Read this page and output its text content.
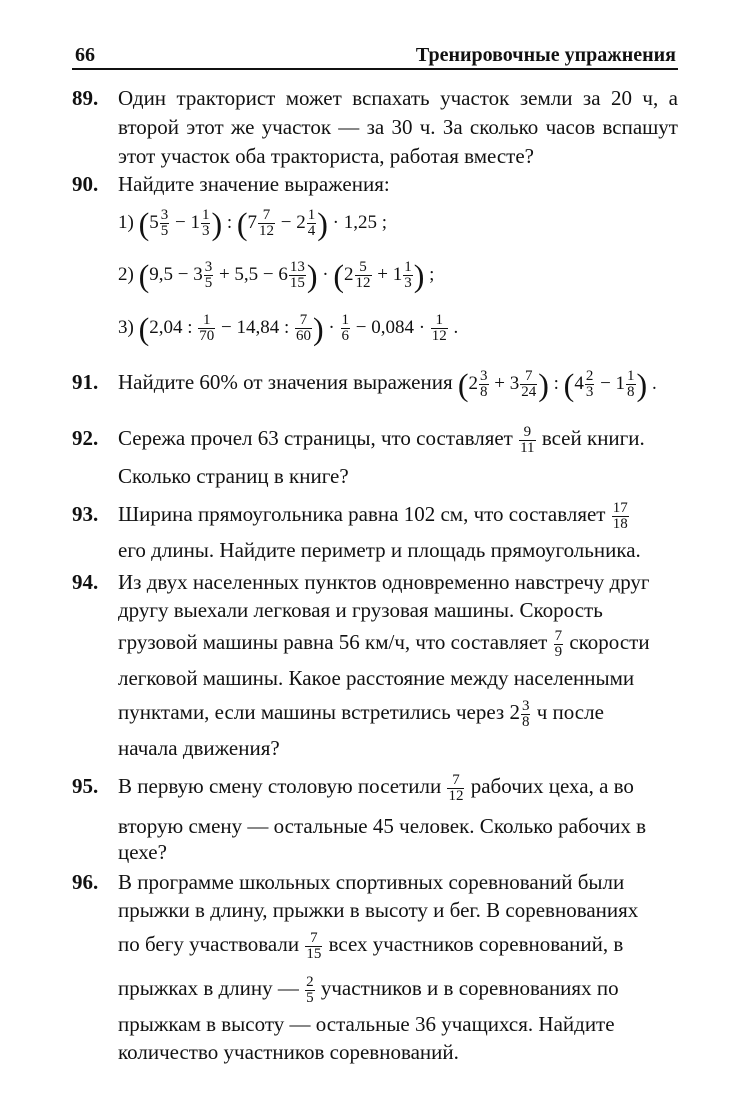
66	Тренировочные упражнения
89. Один тракторист может вспахать участок земли за 20 ч, а второй этот же участок — за 30 ч. За сколько часов вспашут этот участок оба тракториста, работая вместе?

90. Найдите значение выражения:
1) ($5 \frac{3}{5} - 1 \frac{1}{3}$ ) : ($7 \frac{7}{12} - 2 \frac{1}{4}$ ) · 1,25 ;
2) ($9,5 - 3 \frac{3}{5} + 5,5 - 6 \frac{13}{15}$ ) · ($2 \frac{5}{12} + 1 \frac{1}{3}$ ) ;
3) (2,04 : $\frac{1}{70} - 14,84$ : $\frac{7}{60}$ ) · $\frac{1}{6} - 0,084 \cdot \frac{1}{12}$ .
91. Найдите 60% от значения выражения ($2 \frac{3}{8} + 3 \frac{7}{24}$ ) : ($4 \frac{2}{3} - 1 \frac{1}{8}$ ) .
92. Сережа прочел 63 страницы, что составляет $\frac{9}{11}$ всей книги.
Сколько страниц в книге?
93. Ширина прямоугольника равна 102 см, что составляет $\frac{17}{18}$
его длины. Найдите периметр и площадь прямоугольника.
94. Из двух населенных пунктов одновременно навстречу друг
другу выехали легковая и грузовая машины. Скорость
грузовой машины равна 56 км/ч, что составляет $\frac{7}{9}$ скорости
легковой машины. Какое расстояние между населенными
пунктами, если машины встретились через $2 \frac{3}{8}$ ч после
начала движения?
95. В первую смену столовую посетили $\frac{7}{12}$ рабочих цеха, а во
вторую смену — остальные 45 человек. Сколько рабочих в
цехе?
96. В программе школьных спортивных соревнований были
прыжки в длину, прыжки в высоту и бег. В соревнованиях
по бегу участвовали $\frac{7}{15}$ всех участников соревнований, в
прыжках в длину — $\frac{2}{5}$ участников и в соревнованиях по
прыжкам в высоту — остальные 36 учащихся. Найдите
количество участников соревнований.
